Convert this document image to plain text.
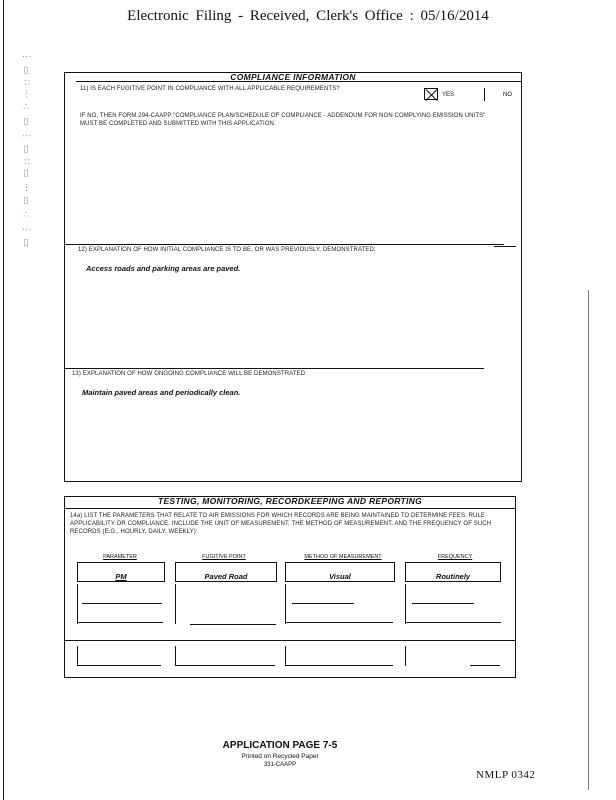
Electronic Filing - Received, Clerk's Office : 05/16/2014
⋮ ▯ ∷ ⋯ ∴ ▯ ⋮ ▯ ∷ ▯ ⋯ ▯ ∴ ⋮ ▯	COMPLIANCE INFORMATION
11) IS EACH FUGITIVE POINT IN COMPLIANCE WITH ALL APPLICABLE REQUIREMENTS?
YES	NO
IF NO, THEN FORM 294-CAAPP "COMPLIANCE PLAN/SCHEDULE OF COMPLIANCE - ADDENDUM FOR NON COMPLYING EMISSION UNITS" MUST BE COMPLETED AND SUBMITTED WITH THIS APPLICATION.
12) EXPLANATION OF HOW INITIAL COMPLIANCE IS TO BE, OR WAS PREVIOUSLY, DEMONSTRATED:
Access roads and parking areas are paved.
13) EXPLANATION OF HOW ONGOING COMPLIANCE WILL BE DEMONSTRATED:
Maintain paved areas and periodically clean.
TESTING, MONITORING, RECORDKEEPING AND REPORTING
14a) LIST THE PARAMETERS THAT RELATE TO AIR EMISSIONS FOR WHICH RECORDS ARE BEING MAINTAINED TO DETERMINE FEES, RULE APPLICABILITY OR COMPLIANCE. INCLUDE THE UNIT OF MEASUREMENT, THE METHOD OF MEASUREMENT, AND THE FREQUENCY OF SUCH RECORDS (E.G., HOURLY, DAILY, WEEKLY):
PARAMETER	FUGITIVE POINT	METHOD OF MEASUREMENT	FREQUENCY
PM	Paved Road	Visual	Routinely
APPLICATION PAGE 7-5
Printed on Recycled Paper
331-CAAPP
NMLP 0342
